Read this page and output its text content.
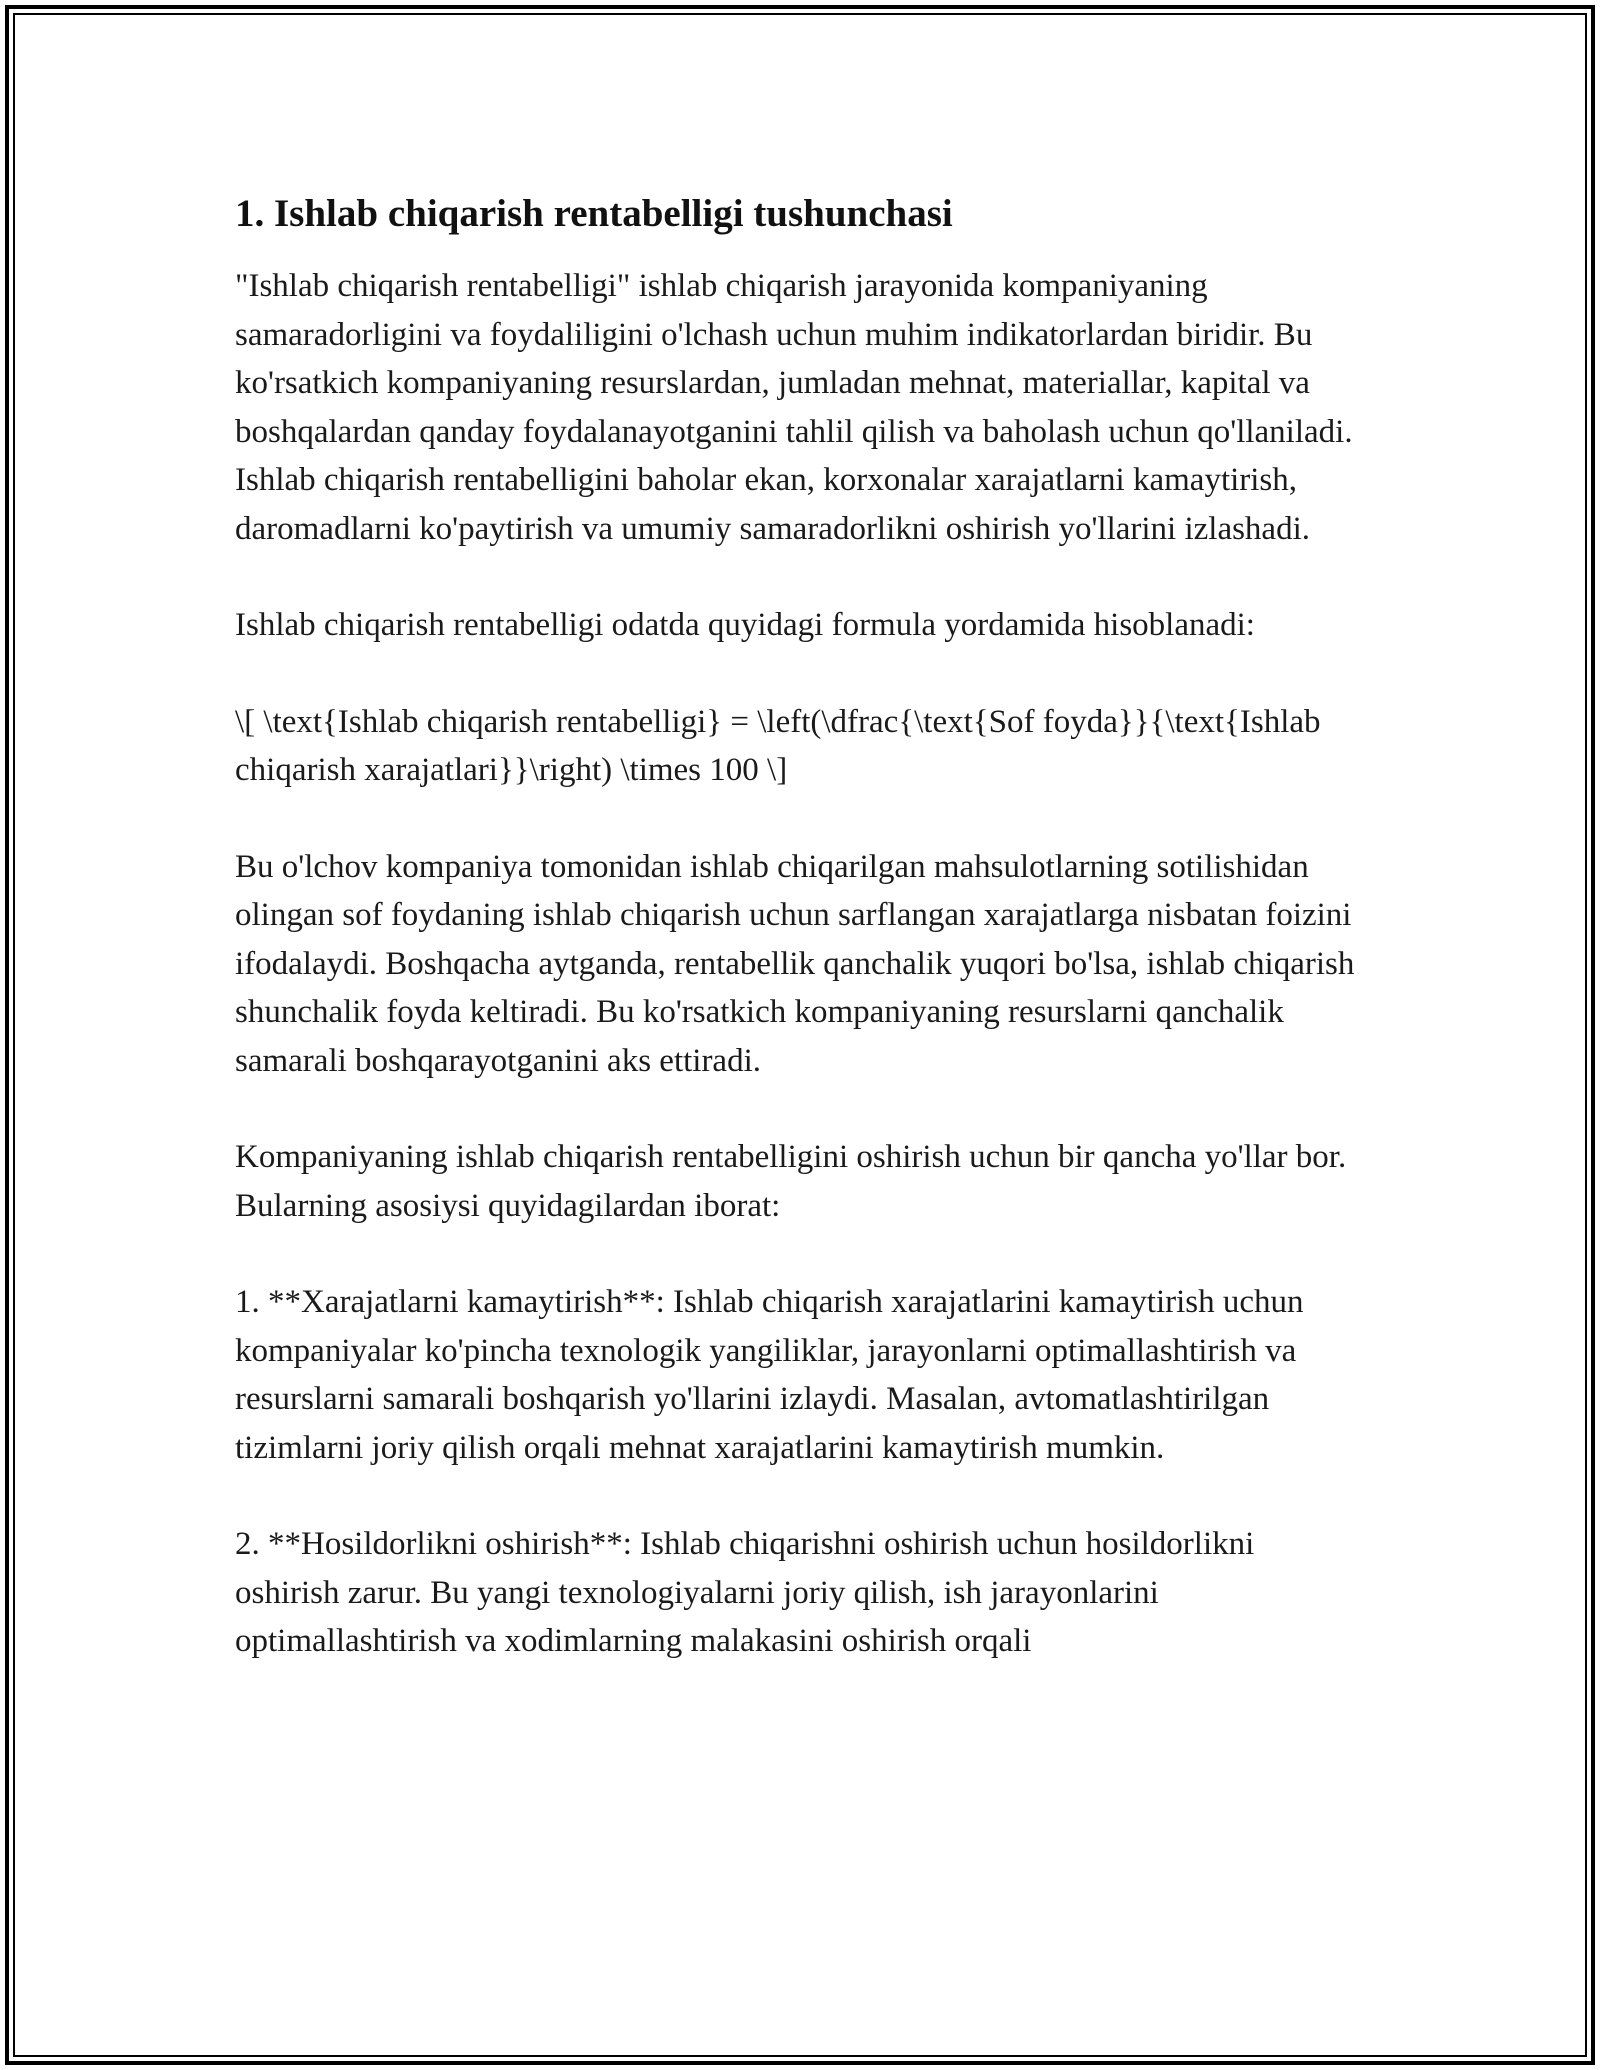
1. Ishlab chiqarish rentabelligi tushunchasi

"Ishlab chiqarish rentabelligi" ishlab chiqarish jarayonida kompaniyaning samaradorligini va foydaliligini o'lchash uchun muhim indikatorlardan biridir. Bu ko'rsatkich kompaniyaning resurslardan, jumladan mehnat, materiallar, kapital va boshqalardan qanday foydalanayotganini tahlil qilish va baholash uchun qo'llaniladi. Ishlab chiqarish rentabelligini baholar ekan, korxonalar xarajatlarni kamaytirish, daromadlarni ko'paytirish va umumiy samaradorlikni oshirish yo'llarini izlashadi.

Ishlab chiqarish rentabelligi odatda quyidagi formula yordamida hisoblanadi:

\[ \text{Ishlab chiqarish rentabelligi} = \left(\dfrac{\text{Sof foyda}}{\text{Ishlab chiqarish xarajatlari}}\right) \times 100 \]

Bu o'lchov kompaniya tomonidan ishlab chiqarilgan mahsulotlarning sotilishidan olingan sof foydaning ishlab chiqarish uchun sarflangan xarajatlarga nisbatan foizini ifodalaydi. Boshqacha aytganda, rentabellik qanchalik yuqori bo'lsa, ishlab chiqarish shunchalik foyda keltiradi. Bu ko'rsatkich kompaniyaning resurslarni qanchalik samarali boshqarayotganini aks ettiradi.

Kompaniyaning ishlab chiqarish rentabelligini oshirish uchun bir qancha yo'llar bor. Bularning asosiysi quyidagilardan iborat:

1. **Xarajatlarni kamaytirish**: Ishlab chiqarish xarajatlarini kamaytirish uchun kompaniyalar ko'pincha texnologik yangiliklar, jarayonlarni optimallashtirish va resurslarni samarali boshqarish yo'llarini izlaydi. Masalan, avtomatlashtirilgan tizimlarni joriy qilish orqali mehnat xarajatlarini kamaytirish mumkin.

2. **Hosildorlikni oshirish**: Ishlab chiqarishni oshirish uchun hosildorlikni oshirish zarur. Bu yangi texnologiyalarni joriy qilish, ish jarayonlarini optimallashtirish va xodimlarning malakasini oshirish orqali
